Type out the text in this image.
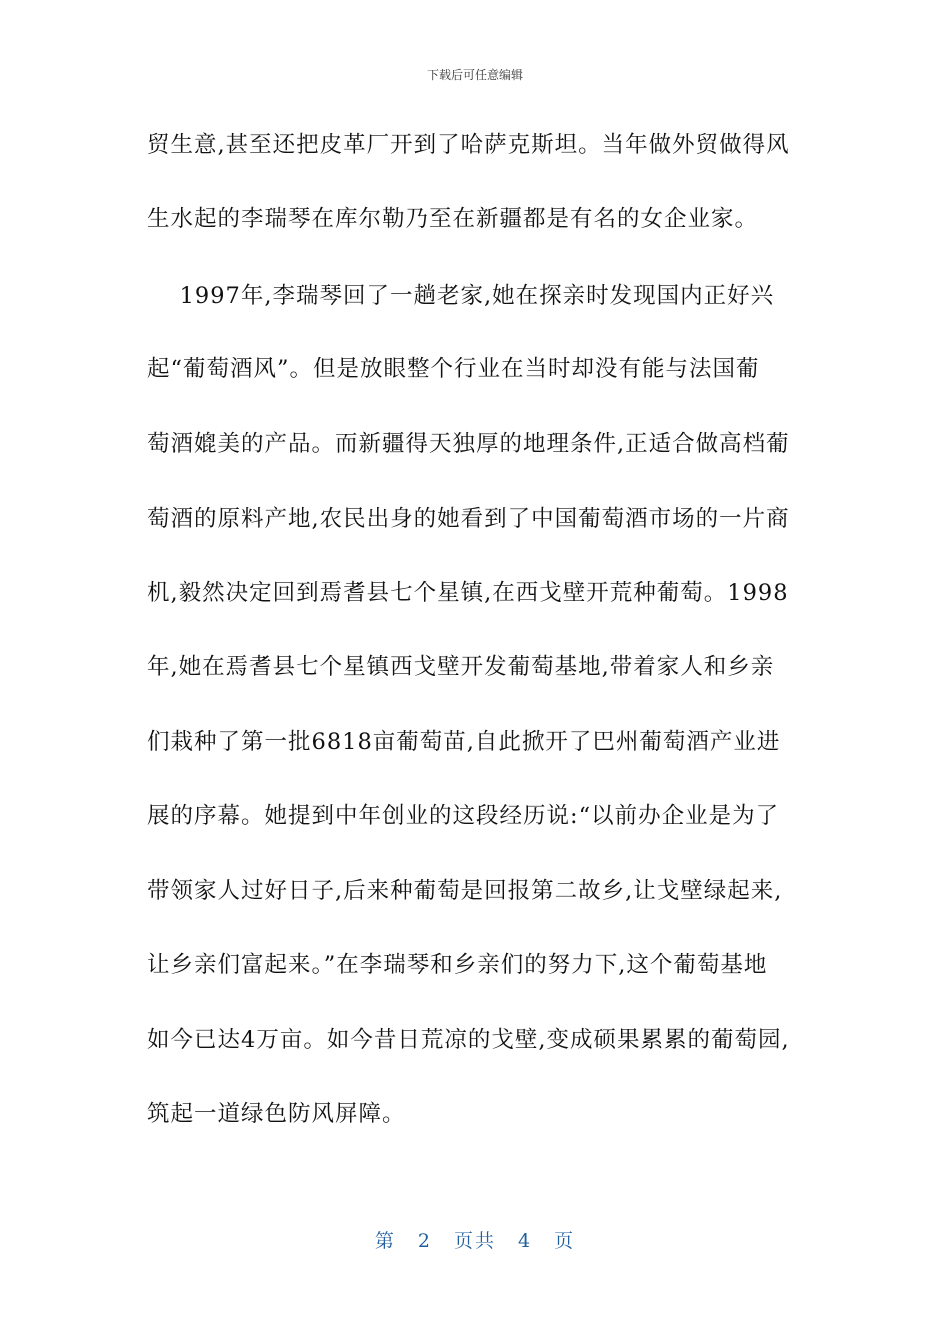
下载后可任意编辑
贸生意,甚至还把皮革厂开到了哈萨克斯坦。当年做外贸做得风
生水起的李瑞琴在库尔勒乃至在新疆都是有名的女企业家。
1997年,李瑞琴回了一趟老家,她在探亲时发现国内正好兴
起“葡萄酒风”。但是放眼整个行业在当时却没有能与法国葡
萄酒媲美的产品。而新疆得天独厚的地理条件,正适合做高档葡
萄酒的原料产地,农民出身的她看到了中国葡萄酒市场的一片商
机,毅然决定回到焉耆县七个星镇,在西戈壁开荒种葡萄。1998
年,她在焉耆县七个星镇西戈壁开发葡萄基地,带着家人和乡亲
们栽种了第一批6818亩葡萄苗,自此掀开了巴州葡萄酒产业进
展的序幕。她提到中年创业的这段经历说:“以前办企业是为了
带领家人过好日子,后来种葡萄是回报第二故乡,让戈壁绿起来,
让乡亲们富起来。”在李瑞琴和乡亲们的努力下,这个葡萄基地
如今已达4万亩。如今昔日荒凉的戈壁,变成硕果累累的葡萄园,
筑起一道绿色防风屏障。
第 2 页共 4 页
